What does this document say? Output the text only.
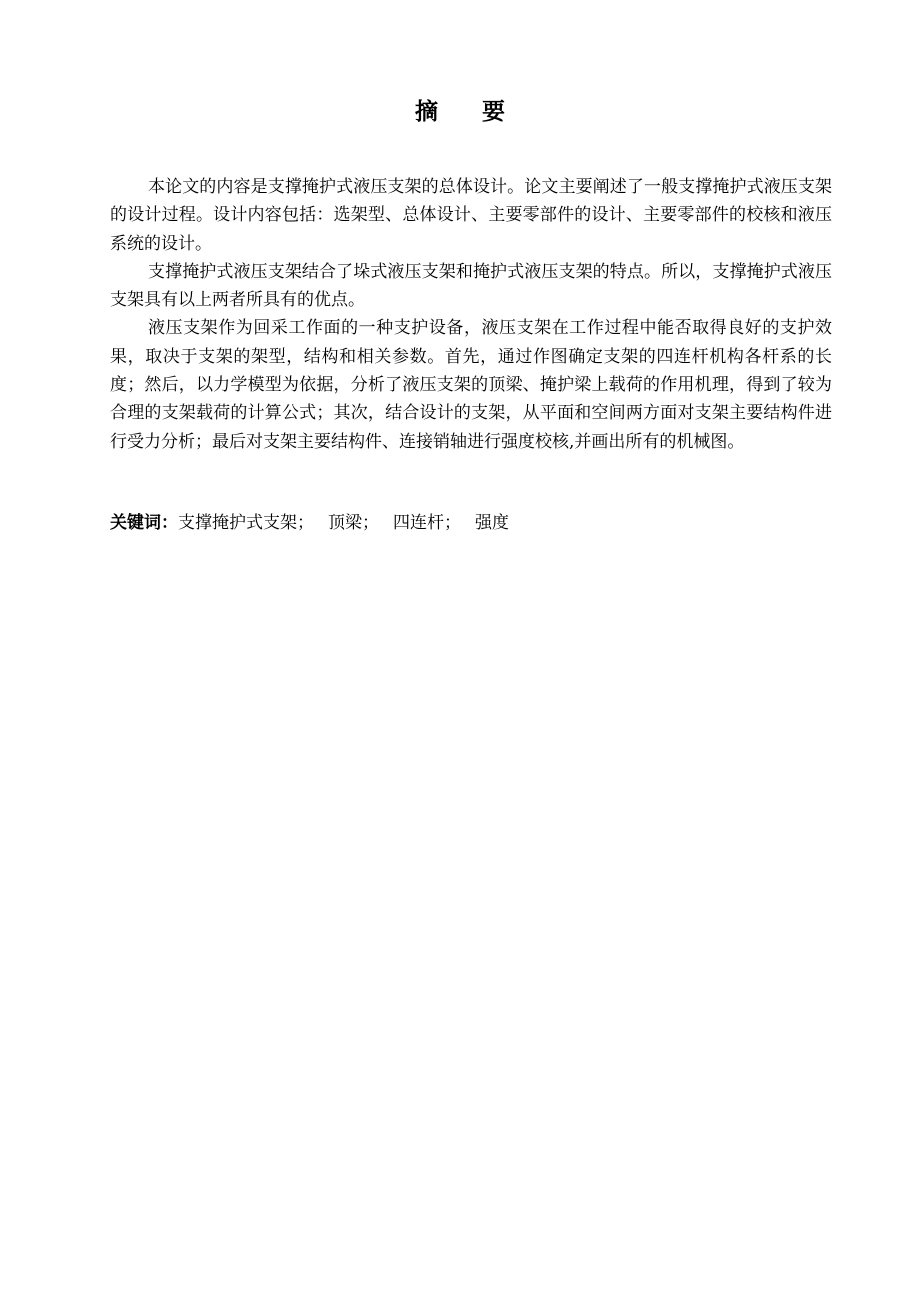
摘 要

本论文的内容是支撑掩护式液压支架的总体设计。论文主要阐述了一般支撑掩护式液压支架的设计过程。设计内容包括：选架型、总体设计、主要零部件的设计、主要零部件的校核和液压系统的设计。

支撑掩护式液压支架结合了垛式液压支架和掩护式液压支架的特点。所以，支撑掩护式液压支架具有以上两者所具有的优点。

液压支架作为回采工作面的一种支护设备，液压支架在工作过程中能否取得良好的支护效果，取决于支架的架型，结构和相关参数。首先，通过作图确定支架的四连杆机构各杆系的长度；然后，以力学模型为依据，分析了液压支架的顶梁、掩护梁上载荷的作用机理，得到了较为合理的支架载荷的计算公式；其次，结合设计的支架，从平面和空间两方面对支架主要结构件进行受力分析；最后对支架主要结构件、连接销轴进行强度校核,并画出所有的机械图。

关键词：支撑掩护式支架； 顶梁； 四连杆； 强度
